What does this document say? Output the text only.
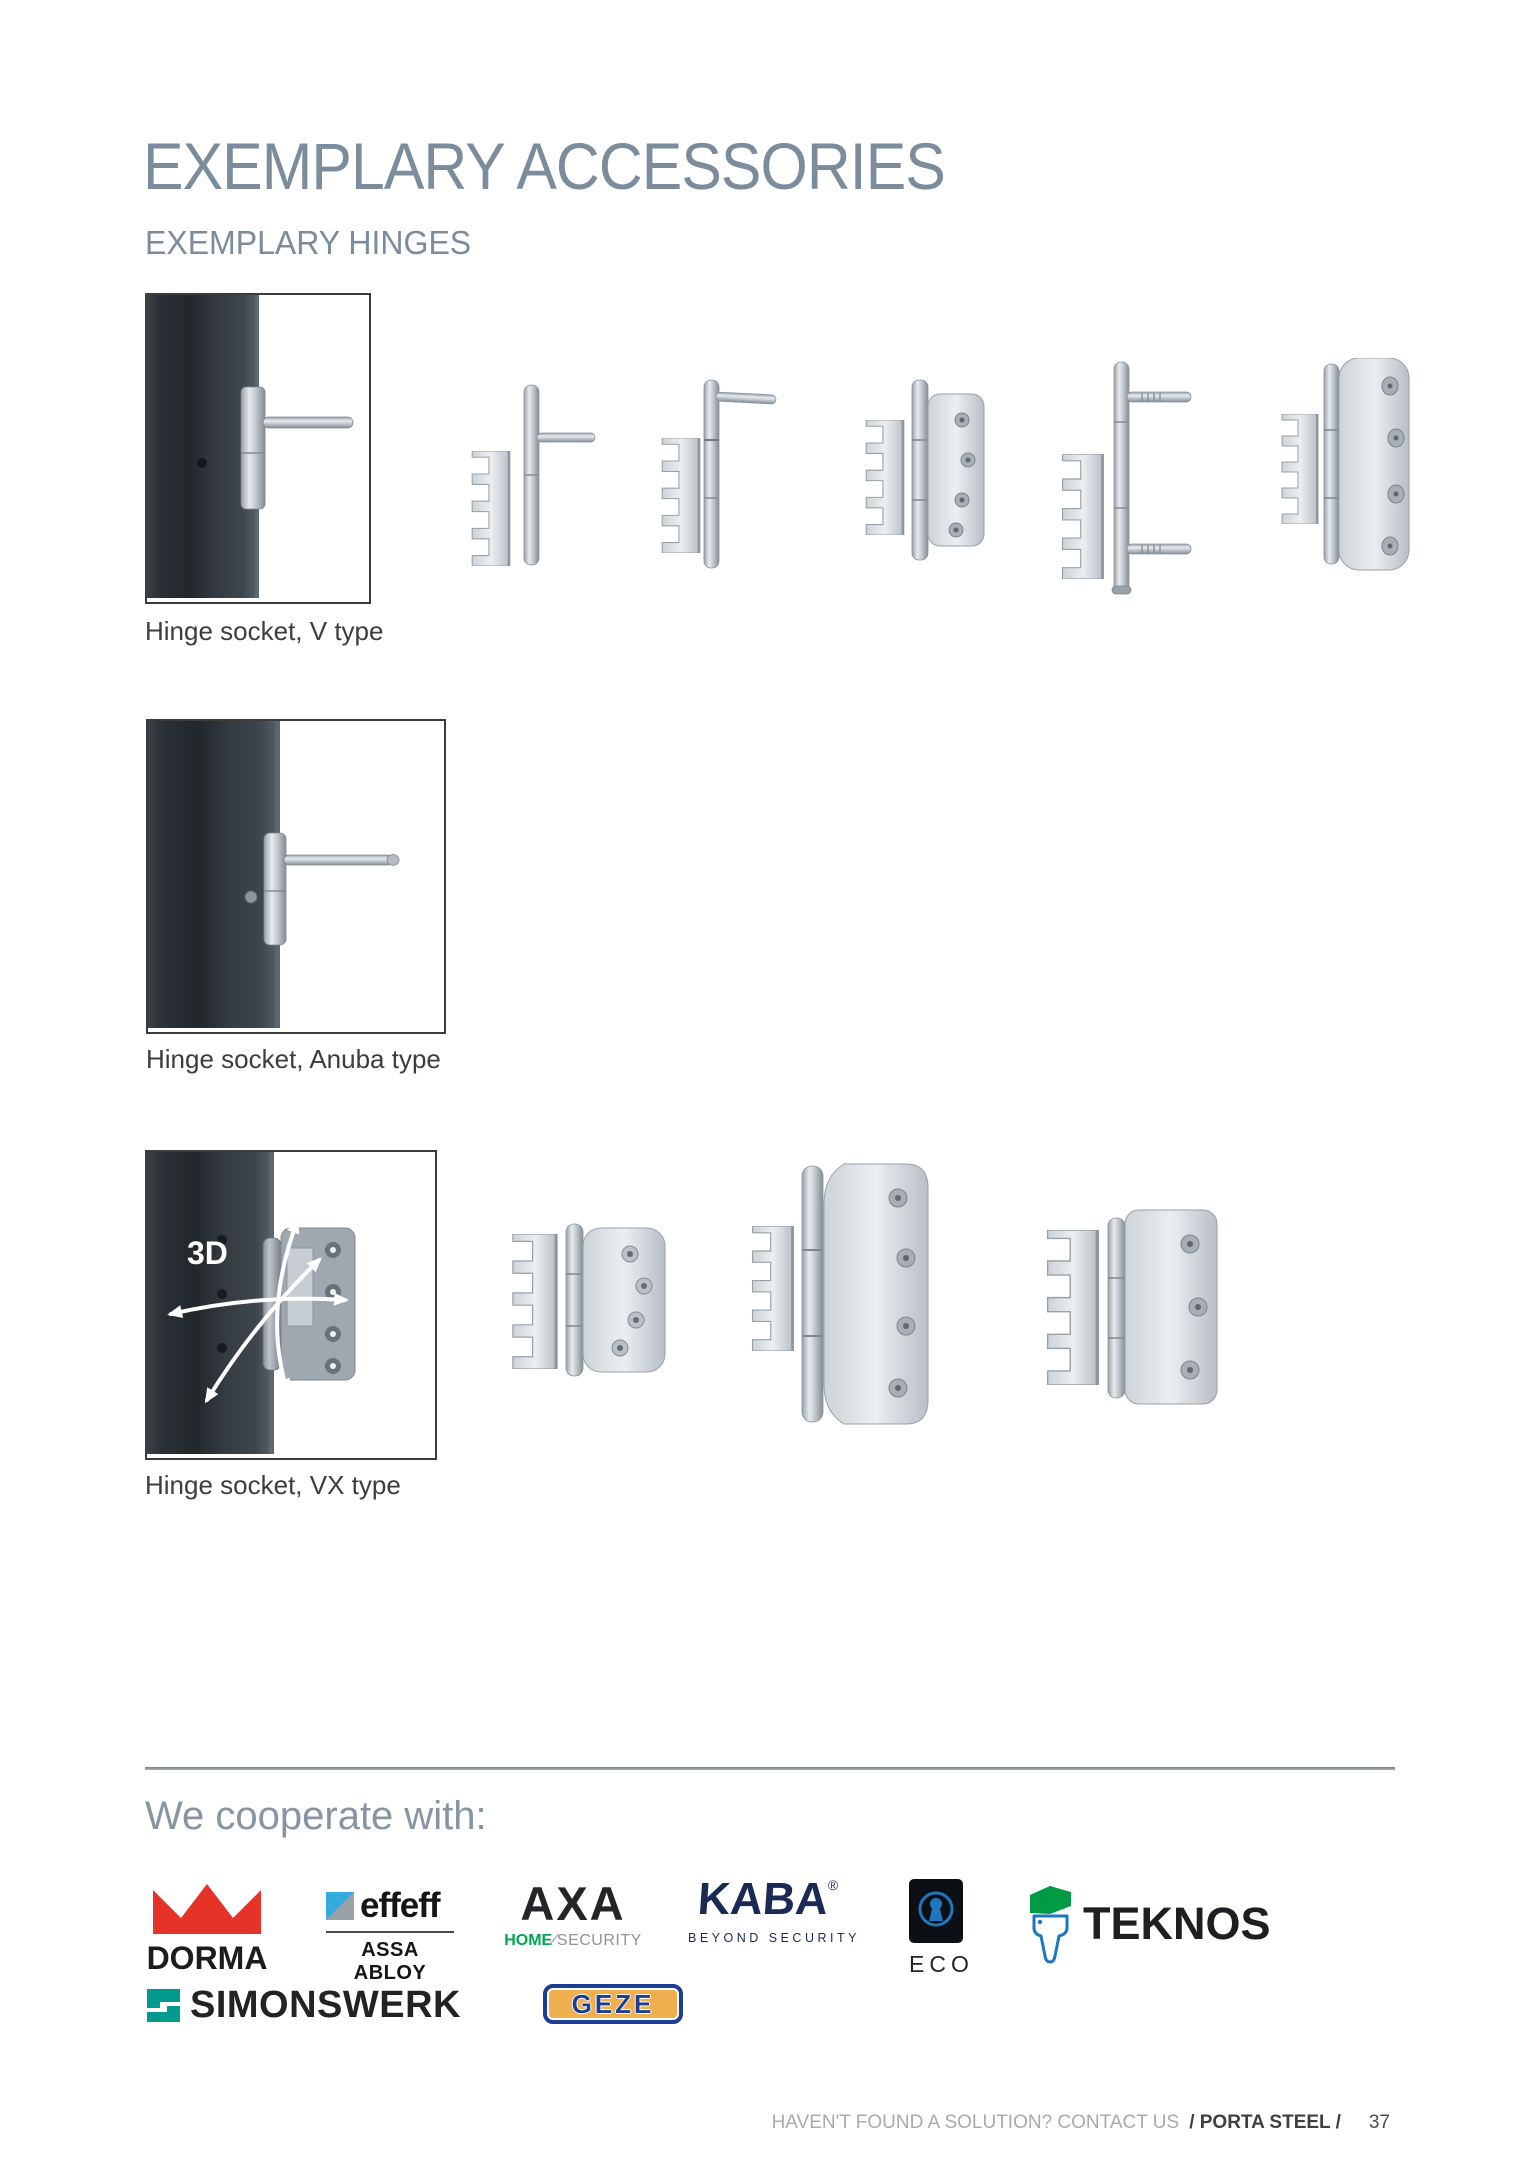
EXEMPLARY ACCESSORIES
EXEMPLARY HINGES
Hinge socket, V type
Hinge socket, Anuba type
3D
Hinge socket, VX type
We cooperate with:
DORMA
effeff
ASSA ABLOY
AXA
HOME ⁄ SECURITY
KABA®
BEYOND SECURITY
ECO
TEKNOS
SIMONSWERK	GEZE
HAVEN'T FOUND A SOLUTION? CONTACT US / PORTA STEEL / 37
